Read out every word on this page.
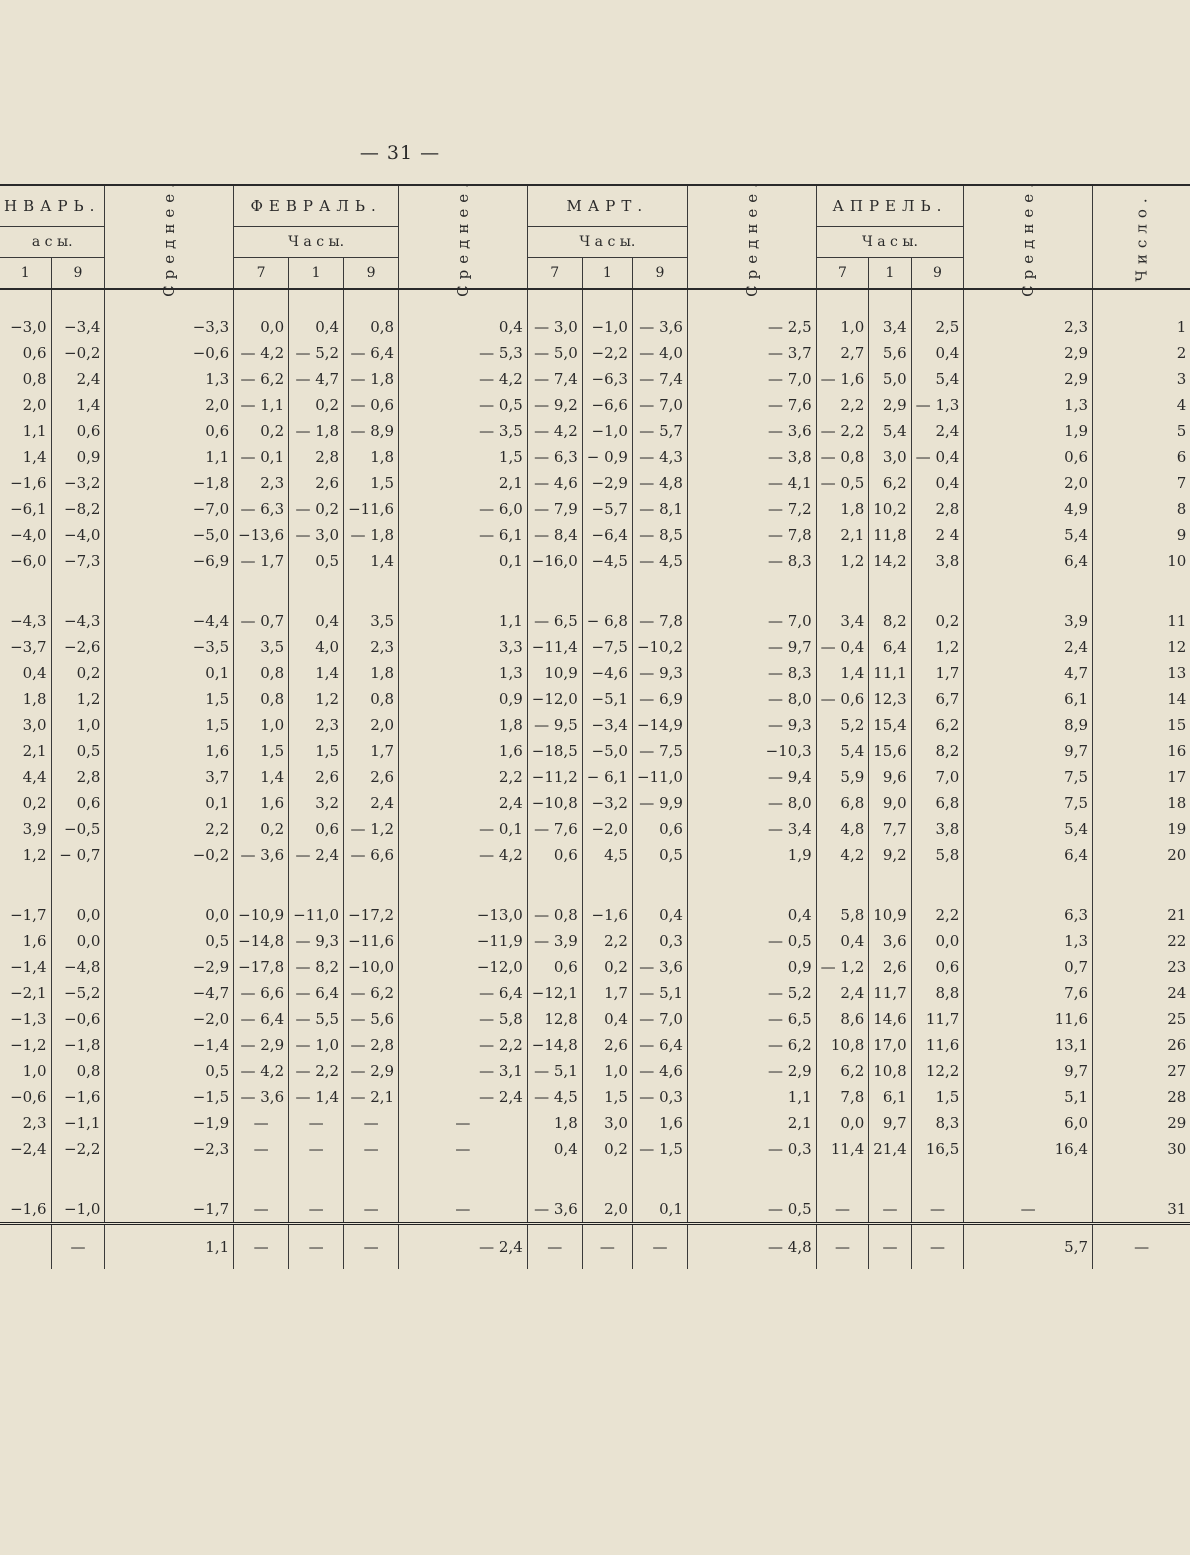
— 31 —
НВАРЬ.		Среднее.	ФЕВРАЛЬ.			Среднее.	МАРТ.			Среднее.	АПРЕЛЬ.			Среднее.	Число.
а с ы.			Ч а с ы.				Ч а с ы.				Ч а с ы.				
1	9		7	1	9		7	1	9		7	1	9		

−3,0	−3,4	−3,3	0,0	0,4	0,8	0,4	— 3,0	−1,0	— 3,6	— 2,5	1,0	3,4	2,5	2,3	1
0,6	−0,2	−0,6	— 4,2	— 5,2	— 6,4	— 5,3	— 5,0	−2,2	— 4,0	— 3,7	2,7	5,6	0,4	2,9	2
0,8	2,4	1,3	— 6,2	— 4,7	— 1,8	— 4,2	— 7,4	−6,3	— 7,4	— 7,0	— 1,6	5,0	5,4	2,9	3
2,0	1,4	2,0	— 1,1	0,2	— 0,6	— 0,5	— 9,2	−6,6	— 7,0	— 7,6	2,2	2,9	— 1,3	1,3	4
1,1	0,6	0,6	0,2	— 1,8	— 8,9	— 3,5	— 4,2	−1,0	— 5,7	— 3,6	— 2,2	5,4	2,4	1,9	5
1,4	0,9	1,1	— 0,1	2,8	1,8	1,5	— 6,3	− 0,9	— 4,3	— 3,8	— 0,8	3,0	— 0,4	0,6	6
−1,6	−3,2	−1,8	2,3	2,6	1,5	2,1	— 4,6	−2,9	— 4,8	— 4,1	— 0,5	6,2	0,4	2,0	7
−6,1	−8,2	−7,0	— 6,3	— 0,2	−11,6	— 6,0	— 7,9	−5,7	— 8,1	— 7,2	1,8	10,2	2,8	4,9	8
−4,0	−4,0	−5,0	−13,6	— 3,0	— 1,8	— 6,1	— 8,4	−6,4	— 8,5	— 7,8	2,1	11,8	2 4	5,4	9
−6,0	−7,3	−6,9	— 1,7	0,5	1,4	0,1	−16,0	−4,5	— 4,5	— 8,3	1,2	14,2	3,8	6,4	10

−4,3	−4,3	−4,4	— 0,7	0,4	3,5	1,1	— 6,5	− 6,8	— 7,8	— 7,0	3,4	8,2	0,2	3,9	11
−3,7	−2,6	−3,5	3,5	4,0	2,3	3,3	−11,4	−7,5	−10,2	— 9,7	— 0,4	6,4	1,2	2,4	12
0,4	0,2	0,1	0,8	1,4	1,8	1,3	10,9	−4,6	— 9,3	— 8,3	1,4	11,1	1,7	4,7	13
1,8	1,2	1,5	0,8	1,2	0,8	0,9	−12,0	−5,1	— 6,9	— 8,0	— 0,6	12,3	6,7	6,1	14
3,0	1,0	1,5	1,0	2,3	2,0	1,8	— 9,5	−3,4	−14,9	— 9,3	5,2	15,4	6,2	8,9	15
2,1	0,5	1,6	1,5	1,5	1,7	1,6	−18,5	−5,0	— 7,5	−10,3	5,4	15,6	8,2	9,7	16
4,4	2,8	3,7	1,4	2,6	2,6	2,2	−11,2	− 6,1	−11,0	— 9,4	5,9	9,6	7,0	7,5	17
0,2	0,6	0,1	1,6	3,2	2,4	2,4	−10,8	−3,2	— 9,9	— 8,0	6,8	9,0	6,8	7,5	18
3,9	−0,5	2,2	0,2	0,6	— 1,2	— 0,1	— 7,6	−2,0	0,6	— 3,4	4,8	7,7	3,8	5,4	19
1,2	− 0,7	−0,2	— 3,6	— 2,4	— 6,6	— 4,2	0,6	4,5	0,5	1,9	4,2	9,2	5,8	6,4	20

−1,7	0,0	0,0	−10,9	−11,0	−17,2	−13,0	— 0,8	−1,6	0,4	0,4	5,8	10,9	2,2	6,3	21
1,6	0,0	0,5	−14,8	— 9,3	−11,6	−11,9	— 3,9	2,2	0,3	— 0,5	0,4	3,6	0,0	1,3	22
−1,4	−4,8	−2,9	−17,8	— 8,2	−10,0	−12,0	0,6	0,2	— 3,6	0,9	— 1,2	2,6	0,6	0,7	23
−2,1	−5,2	−4,7	— 6,6	— 6,4	— 6,2	— 6,4	−12,1	1,7	— 5,1	— 5,2	2,4	11,7	8,8	7,6	24
−1,3	−0,6	−2,0	— 6,4	— 5,5	— 5,6	— 5,8	12,8	0,4	— 7,0	— 6,5	8,6	14,6	11,7	11,6	25
−1,2	−1,8	−1,4	— 2,9	— 1,0	— 2,8	— 2,2	−14,8	2,6	— 6,4	— 6,2	10,8	17,0	11,6	13,1	26
1,0	0,8	0,5	— 4,2	— 2,2	— 2,9	— 3,1	— 5,1	1,0	— 4,6	— 2,9	6,2	10,8	12,2	9,7	27
−0,6	−1,6	−1,5	— 3,6	— 1,4	— 2,1	— 2,4	— 4,5	1,5	— 0,3	1,1	7,8	6,1	1,5	5,1	28
2,3	−1,1	−1,9	—	—	—	—	1,8	3,0	1,6	2,1	0,0	9,7	8,3	6,0	29
−2,4	−2,2	−2,3	—	—	—	—	0,4	0,2	— 1,5	— 0,3	11,4	21,4	16,5	16,4	30

−1,6	−1,0	−1,7	—	—	—	—	— 3,6	2,0	0,1	— 0,5	—	—	—	—	31
	—	1,1	—	—	—	— 2,4	—	—	—	— 4,8	—	—	—	5,7	—
